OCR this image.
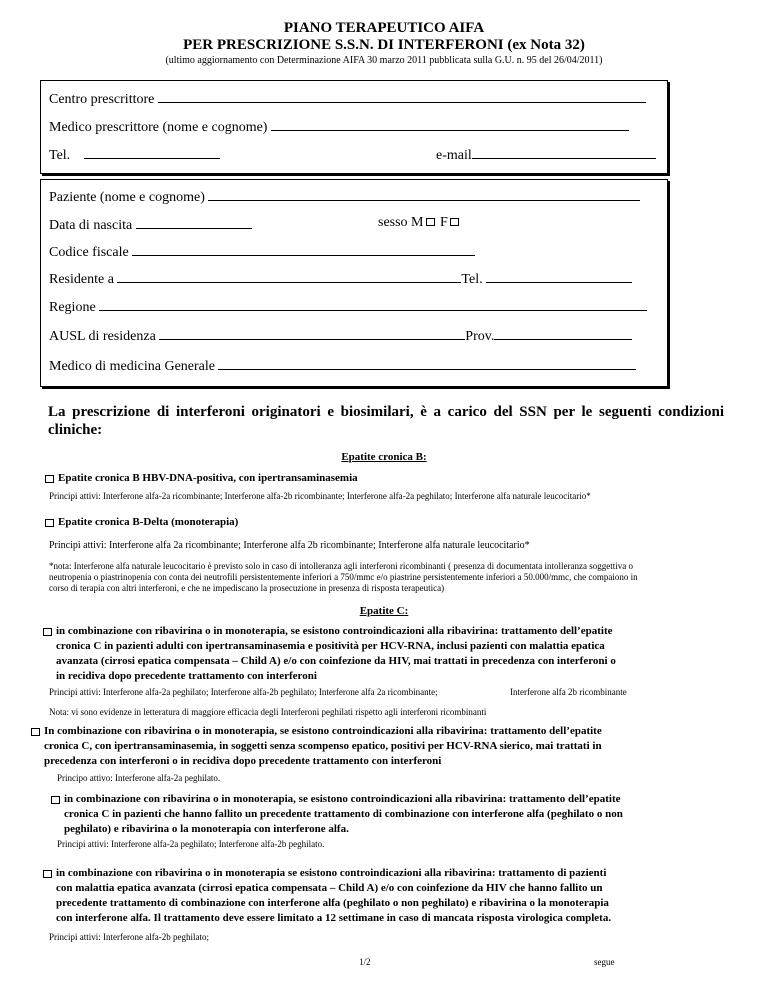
PIANO TERAPEUTICO AIFA
PER PRESCRIZIONE S.S.N. DI INTERFERONI (ex Nota 32)
(ultimo aggiornamento con Determinazione AIFA 30 marzo 2011 pubblicata sulla G.U. n. 95 del 26/04/2011)
Centro prescrittore
Medico prescrittore (nome e cognome)
Tel.	e-mail
Paziente (nome e cognome)
Data di nascita	sesso M F
Codice fiscale
Residente a	Tel.
Regione
AUSL di residenza	Prov.
Medico di medicina Generale
La prescrizione di interferoni originatori e biosimilari, è a carico del SSN per le seguenti condizioni
cliniche:
Epatite cronica B:
Epatite cronica B HBV-DNA-positiva, con ipertransaminasemia
Principi attivi: Interferone alfa-2a ricombinante; Interferone alfa-2b ricombinante; Interferone alfa-2a peghilato; Interferone alfa naturale leucocitario*
Epatite cronica B-Delta (monoterapia)
Principi attivi: Interferone alfa 2a ricombinante; Interferone alfa 2b ricombinante; Interferone alfa naturale leucocitario*
*nota: Interferone alfa naturale leucocitario è previsto solo in caso di intolleranza agli interferoni ricombinanti ( presenza di documentata intolleranza soggettiva o
neutropenia o piastrinopenia con conta dei neutrofili persistentemente inferiori a 750/mmc e/o piastrine persistentemente inferiori a 50.000/mmc, che compaiono in
corso di terapia con altri interferoni, e che ne impediscano la prosecuzione in presenza di risposta terapeutica)
Epatite C:
in combinazione con ribavirina o in monoterapia, se esistono controindicazioni alla ribavirina: trattamento dell’epatite
cronica C in pazienti adulti con ipertransaminasemia e positività per HCV-RNA, inclusi pazienti con malattia epatica
avanzata (cirrosi epatica compensata – Child A) e/o con coinfezione da HIV, mai trattati in precedenza con interferoni o
in recidiva dopo precedente trattamento con interferoni
Principi attivi: Interferone alfa-2a peghilato; Interferone alfa-2b peghilato; Interferone alfa 2a ricombinante;	Interferone alfa 2b ricombinante
Nota: vi sono evidenze in letteratura di maggiore efficacia degli Interferoni peghilati rispetto agli interferoni ricombinanti
In combinazione con ribavirina o in monoterapia, se esistono controindicazioni alla ribavirina: trattamento dell’epatite
cronica C, con ipertransaminasemia, in soggetti senza scompenso epatico, positivi per HCV-RNA sierico, mai trattati in
precedenza con interferoni o in recidiva dopo precedente trattamento con interferoni
Principo attivo: Interferone alfa-2a peghilato.
in combinazione con ribavirina o in monoterapia, se esistono controindicazioni alla ribavirina: trattamento dell’epatite
cronica C in pazienti che hanno fallito un precedente trattamento di combinazione con interferone alfa (peghilato o non
peghilato) e ribavirina o la monoterapia con interferone alfa.
Principi attivi: Interferone alfa-2a peghilato; Interferone alfa-2b peghilato.
in combinazione con ribavirina o in monoterapia se esistono controindicazioni alla ribavirina: trattamento di pazienti
con malattia epatica avanzata (cirrosi epatica compensata – Child A) e/o con coinfezione da HIV che hanno fallito un
precedente trattamento di combinazione con interferone alfa (peghilato o non peghilato) e ribavirina o la monoterapia
con interferone alfa. Il trattamento deve essere limitato a 12 settimane in caso di mancata risposta virologica completa.
Principi attivi: Interferone alfa-2b peghilato;
1/2	segue
